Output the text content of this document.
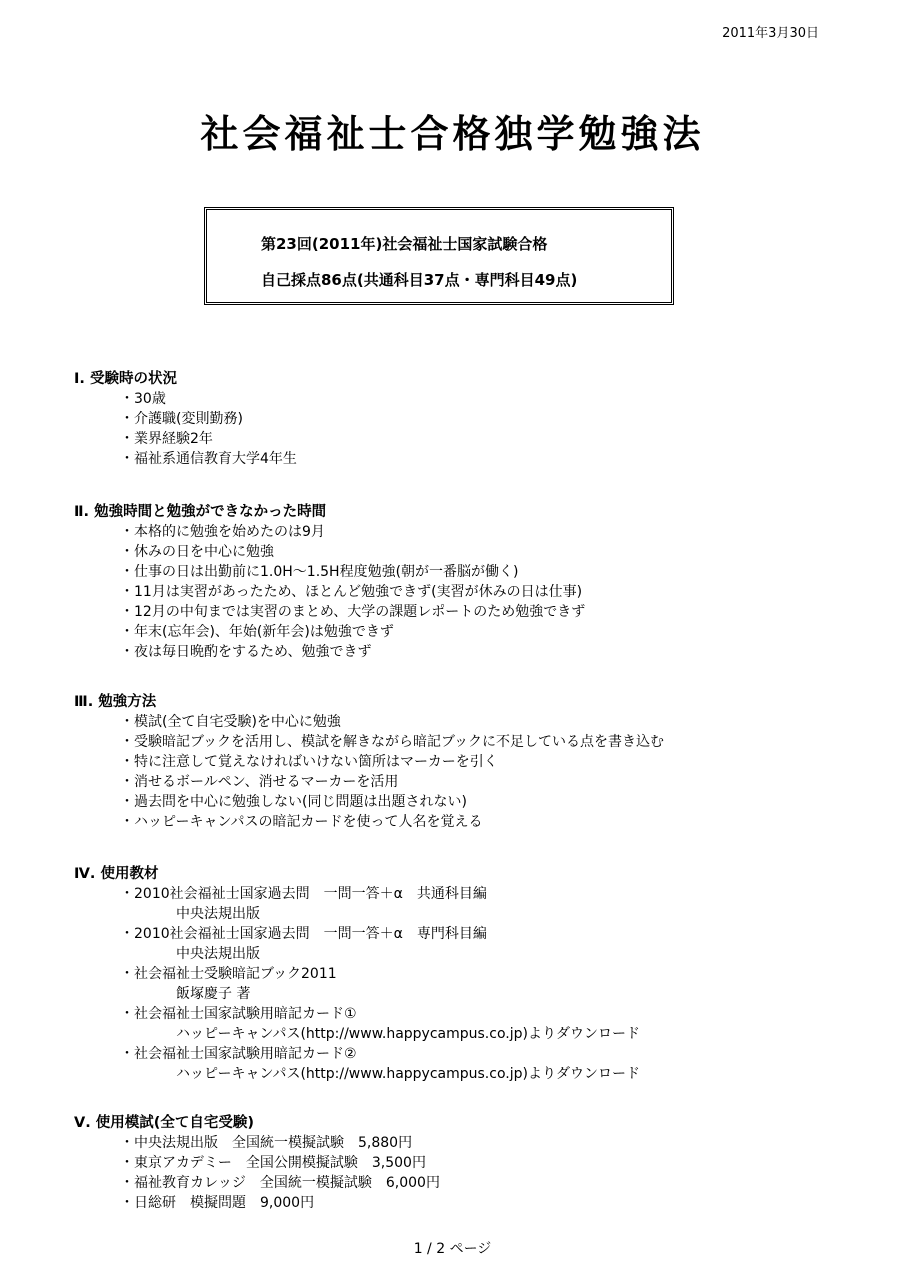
2011年3月30日
社会福祉士合格独学勉強法
第23回(2011年)社会福祉士国家試験合格
自己採点86点(共通科目37点・専門科目49点)
Ⅰ. 受験時の状況
・ 30歳
・ 介護職(変則勤務)
・ 業界経験2年
・ 福祉系通信教育大学4年生
Ⅱ. 勉強時間と勉強ができなかった時間
・ 本格的に勉強を始めたのは9月
・ 休みの日を中心に勉強
・ 仕事の日は出勤前に1.0H～1.5H程度勉強(朝が一番脳が働く)
・ 11月は実習があったため、ほとんど勉強できず(実習が休みの日は仕事)
・ 12月の中旬までは実習のまとめ、大学の課題レポートのため勉強できず
・ 年末(忘年会)、年始(新年会)は勉強できず
・ 夜は毎日晩酌をするため、勉強できず
Ⅲ. 勉強方法
・ 模試(全て自宅受験)を中心に勉強
・ 受験暗記ブックを活用し、模試を解きながら暗記ブックに不足している点を書き込む
・ 特に注意して覚えなければいけない箇所はマーカーを引く
・ 消せるボールペン、消せるマーカーを活用
・ 過去問を中心に勉強しない(同じ問題は出題されない)
・ ハッピーキャンパスの暗記カードを使って人名を覚える
Ⅳ. 使用教材
・ 2010社会福祉士国家過去問　一問一答＋α　共通科目編
中央法規出版
・ 2010社会福祉士国家過去問　一問一答＋α　専門科目編
中央法規出版
・ 社会福祉士受験暗記ブック2011
飯塚慶子 著
・ 社会福祉士国家試験用暗記カード①
ハッピーキャンパス(http://www.happycampus.co.jp)よりダウンロード
・ 社会福祉士国家試験用暗記カード②
ハッピーキャンパス(http://www.happycampus.co.jp)よりダウンロード
Ⅴ. 使用模試(全て自宅受験)
・ 中央法規出版　全国統一模擬試験　5,880円
・ 東京アカデミー　全国公開模擬試験　3,500円
・ 福祉教育カレッジ　全国統一模擬試験　6,000円
・ 日総研　模擬問題　9,000円
1 / 2 ページ
